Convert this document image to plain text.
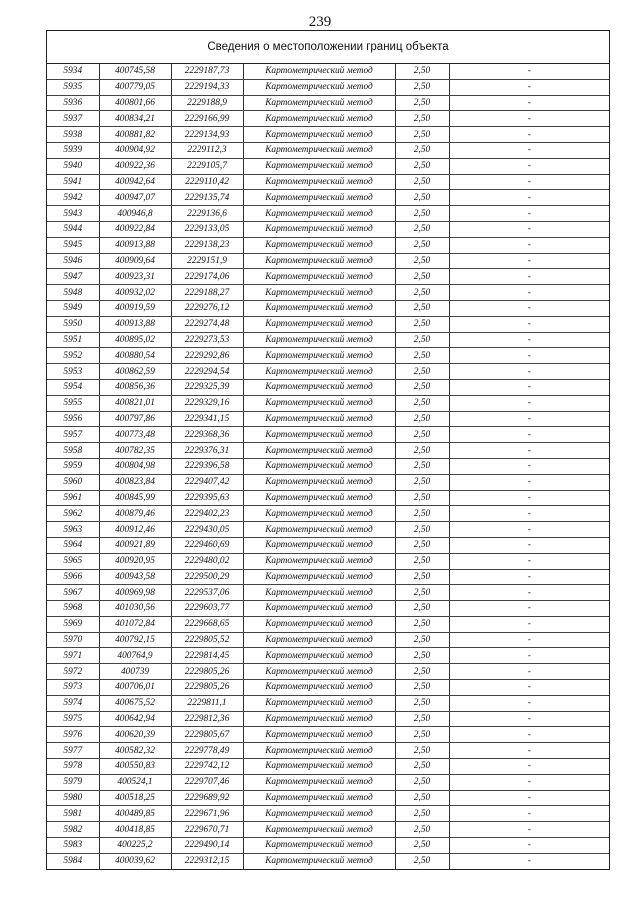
239
Сведения о местоположении границ объекта
5934	400745,58	2229187,73	Картометрический метод	2,50	-
5935	400779,05	2229194,33	Картометрический метод	2,50	-
5936	400801,66	2229188,9	Картометрический метод	2,50	-
5937	400834,21	2229166,99	Картометрический метод	2,50	-
5938	400881,82	2229134,93	Картометрический метод	2,50	-
5939	400904,92	2229112,3	Картометрический метод	2,50	-
5940	400922,36	2229105,7	Картометрический метод	2,50	-
5941	400942,64	2229110,42	Картометрический метод	2,50	-
5942	400947,07	2229135,74	Картометрический метод	2,50	-
5943	400946,8	2229136,6	Картометрический метод	2,50	-
5944	400922,84	2229133,05	Картометрический метод	2,50	-
5945	400913,88	2229138,23	Картометрический метод	2,50	-
5946	400909,64	2229151,9	Картометрический метод	2,50	-
5947	400923,31	2229174,06	Картометрический метод	2,50	-
5948	400932,02	2229188,27	Картометрический метод	2,50	-
5949	400919,59	2229276,12	Картометрический метод	2,50	-
5950	400913,88	2229274,48	Картометрический метод	2,50	-
5951	400895,02	2229273,53	Картометрический метод	2,50	-
5952	400880,54	2229292,86	Картометрический метод	2,50	-
5953	400862,59	2229294,54	Картометрический метод	2,50	-
5954	400856,36	2229325,39	Картометрический метод	2,50	-
5955	400821,01	2229329,16	Картометрический метод	2,50	-
5956	400797,86	2229341,15	Картометрический метод	2,50	-
5957	400773,48	2229368,36	Картометрический метод	2,50	-
5958	400782,35	2229376,31	Картометрический метод	2,50	-
5959	400804,98	2229396,58	Картометрический метод	2,50	-
5960	400823,84	2229407,42	Картометрический метод	2,50	-
5961	400845,99	2229395,63	Картометрический метод	2,50	-
5962	400879,46	2229402,23	Картометрический метод	2,50	-
5963	400912,46	2229430,05	Картометрический метод	2,50	-
5964	400921,89	2229460,69	Картометрический метод	2,50	-
5965	400920,95	2229480,02	Картометрический метод	2,50	-
5966	400943,58	2229500,29	Картометрический метод	2,50	-
5967	400969,98	2229537,06	Картометрический метод	2,50	-
5968	401030,56	2229603,77	Картометрический метод	2,50	-
5969	401072,84	2229668,65	Картометрический метод	2,50	-
5970	400792,15	2229805,52	Картометрический метод	2,50	-
5971	400764,9	2229814,45	Картометрический метод	2,50	-
5972	400739	2229805,26	Картометрический метод	2,50	-
5973	400706,01	2229805,26	Картометрический метод	2,50	-
5974	400675,52	2229811,1	Картометрический метод	2,50	-
5975	400642,94	2229812,36	Картометрический метод	2,50	-
5976	400620,39	2229805,67	Картометрический метод	2,50	-
5977	400582,32	2229778,49	Картометрический метод	2,50	-
5978	400550,83	2229742,12	Картометрический метод	2,50	-
5979	400524,1	2229707,46	Картометрический метод	2,50	-
5980	400518,25	2229689,92	Картометрический метод	2,50	-
5981	400489,85	2229671,96	Картометрический метод	2,50	-
5982	400418,85	2229670,71	Картометрический метод	2,50	-
5983	400225,2	2229490,14	Картометрический метод	2,50	-
5984	400039,62	2229312,15	Картометрический метод	2,50	-
